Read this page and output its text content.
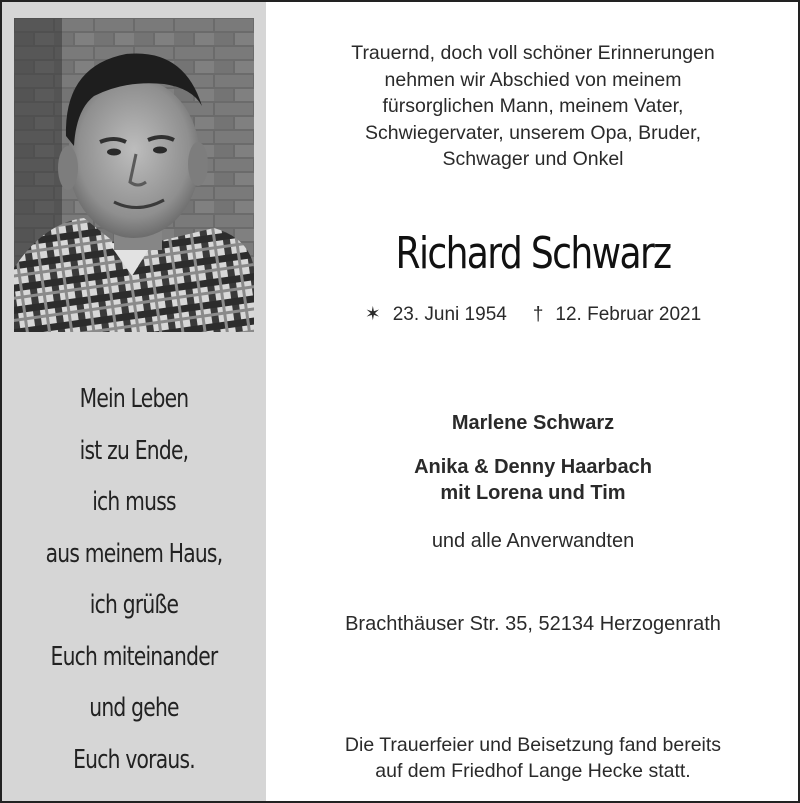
Mein Leben
ist zu Ende,
ich muss
aus meinem Haus,
ich grüße
Euch miteinander
und gehe
Euch voraus.
Trauernd, doch voll schöner Erinnerungen
nehmen wir Abschied von meinem
fürsorglichen Mann, meinem Vater,
Schwiegervater, unserem Opa, Bruder,
Schwager und Onkel
Richard Schwarz
✶ 23. Juni 1954 † 12. Februar 2021
Marlene Schwarz
Anika & Denny Haarbach
mit Lorena und Tim
und alle Anverwandten
Brachthäuser Str. 35, 52134 Herzogenrath
Die Trauerfeier und Beisetzung fand bereits
auf dem Friedhof Lange Hecke statt.
